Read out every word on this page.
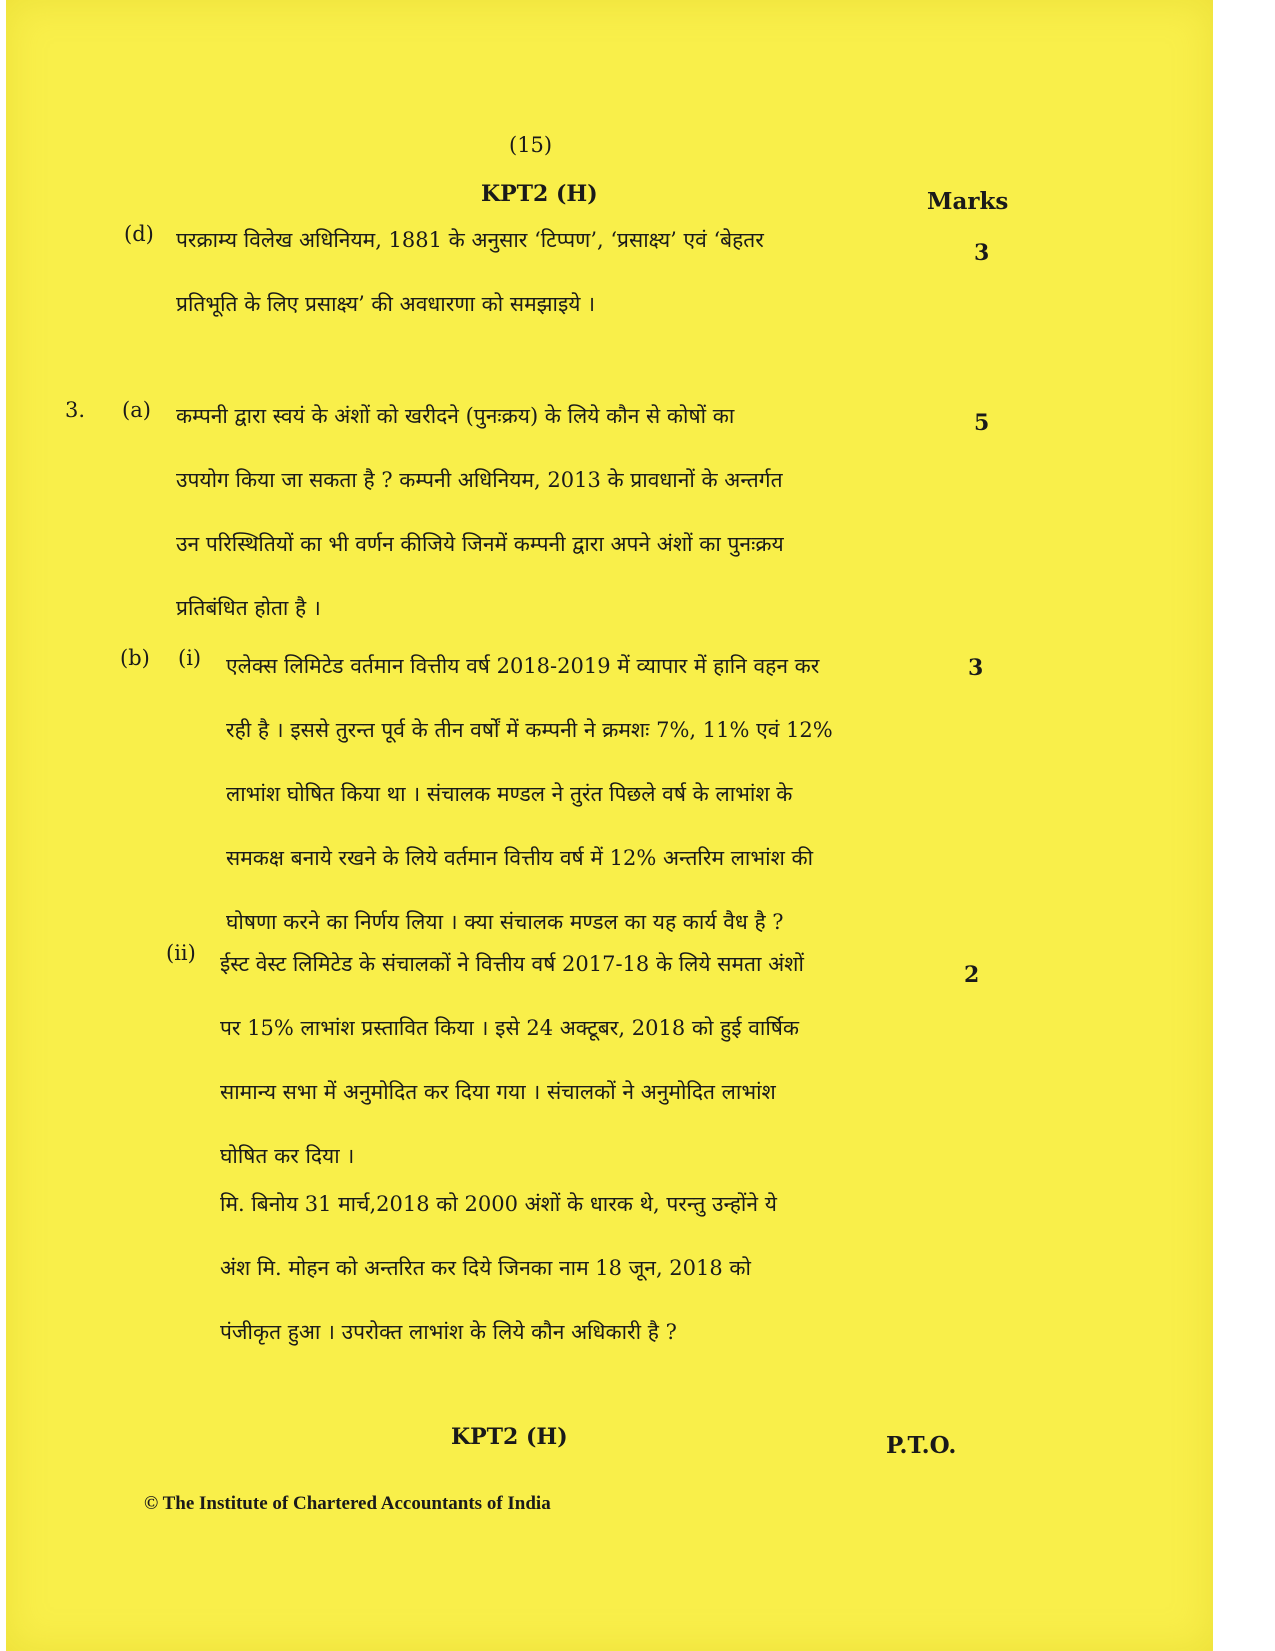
(15)
KPT2 (H)	Marks
(d) परक्राम्य विलेख अधिनियम, 1881 के अनुसार ‘टिप्पण’, ‘प्रसाक्ष्य’ एवं ‘बेहतर
प्रतिभूति के लिए प्रसाक्ष्य’ की अवधारणा को समझाइये ।
3
3. (a) कम्पनी द्वारा स्वयं के अंशों को खरीदने (पुनःक्रय) के लिये कौन से कोषों का
उपयोग किया जा सकता है ? कम्पनी अधिनियम, 2013 के प्रावधानों के अन्तर्गत
उन परिस्थितियों का भी वर्णन कीजिये जिनमें कम्पनी द्वारा अपने अंशों का पुनःक्रय
प्रतिबंधित होता है ।
5
(b) (i) एलेक्स लिमिटेड वर्तमान वित्तीय वर्ष 2018-2019 में व्यापार में हानि वहन कर
रही है । इससे तुरन्त पूर्व के तीन वर्षों में कम्पनी ने क्रमशः 7%, 11% एवं 12%
लाभांश घोषित किया था । संचालक मण्डल ने तुरंत पिछले वर्ष के लाभांश के
समकक्ष बनाये रखने के लिये वर्तमान वित्तीय वर्ष में 12% अन्तरिम लाभांश की
घोषणा करने का निर्णय लिया । क्या संचालक मण्डल का यह कार्य वैध है ?
3
(ii) ईस्ट वेस्ट लिमिटेड के संचालकों ने वित्तीय वर्ष 2017-18 के लिये समता अंशों
पर 15% लाभांश प्रस्तावित किया । इसे 24 अक्टूबर, 2018 को हुई वार्षिक
सामान्य सभा में अनुमोदित कर दिया गया । संचालकों ने अनुमोदित लाभांश
घोषित कर दिया ।
2
मि. बिनोय 31 मार्च,2018 को 2000 अंशों के धारक थे, परन्तु उन्होंने ये
अंश मि. मोहन को अन्तरित कर दिये जिनका नाम 18 जून, 2018 को
पंजीकृत हुआ । उपरोक्त लाभांश के लिये कौन अधिकारी है ?
KPT2 (H)	P.T.O.
© The Institute of Chartered Accountants of India
